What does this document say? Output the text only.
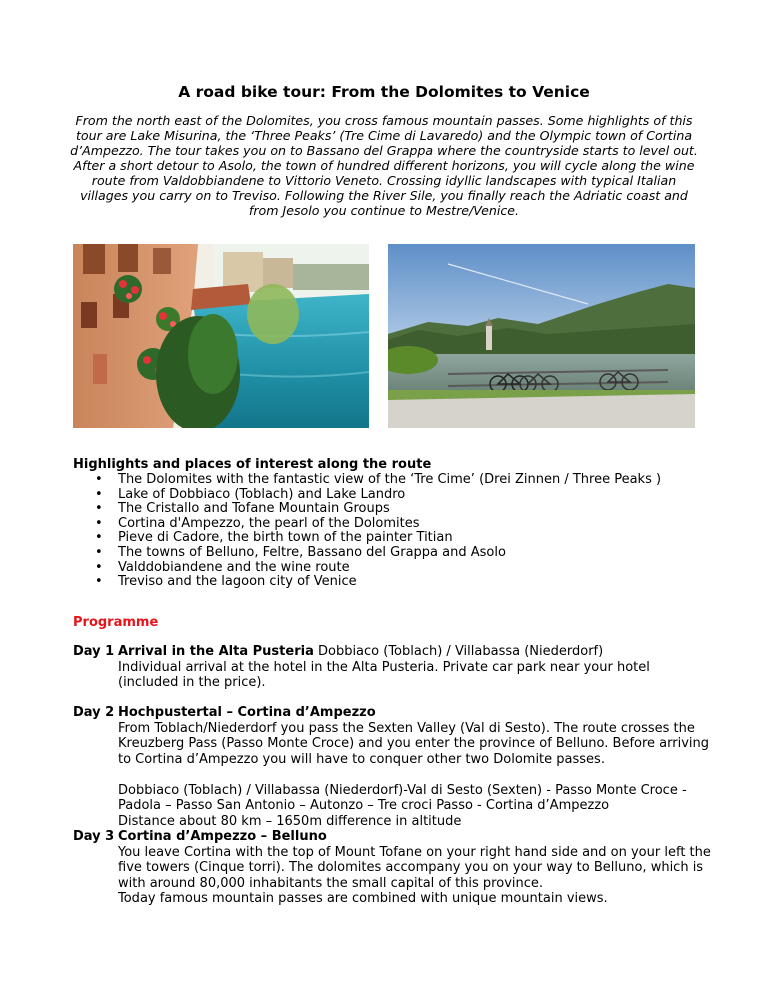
A road bike tour: From the Dolomites to Venice
From the north east of the Dolomites, you cross famous mountain passes. Some highlights of this tour are Lake Misurina, the ‘Three Peaks’ (Tre Cime di Lavaredo) and the Olympic town of Cortina d’Ampezzo. The tour takes you on to Bassano del Grappa where the countryside starts to level out. After a short detour to Asolo, the town of hundred different horizons, you will cycle along the wine route from Valdobbiandene to Vittorio Veneto. Crossing idyllic landscapes with typical Italian villages you carry on to Treviso. Following the River Sile, you finally reach the Adriatic coast and from Jesolo you continue to Mestre/Venice.
Highlights and places of interest along the route
• The Dolomites with the fantastic view of the ‘Tre Cime’ (Drei Zinnen / Three Peaks )
• Lake of Dobbiaco (Toblach) and Lake Landro
• The Cristallo and Tofane Mountain Groups
• Cortina d'Ampezzo, the pearl of the Dolomites
• Pieve di Cadore, the birth town of the painter Titian
• The towns of Belluno, Feltre, Bassano del Grappa and Asolo
• Valddobiandene and the wine route
• Treviso and the lagoon city of Venice
Programme
Day 1 Arrival in the Alta Pusteria Dobbiaco (Toblach) / Villabassa (Niederdorf)

Individual arrival at the hotel in the Alta Pusteria. Private car park near your hotel (included in the price).

Day 2 Hochpustertal – Cortina d’Ampezzo

From Toblach/Niederdorf you pass the Sexten Valley (Val di Sesto). The route crosses the Kreuzberg Pass (Passo Monte Croce) and you enter the province of Belluno. Before arriving to Cortina d’Ampezzo you will have to conquer other two Dolomite passes.

Dobbiaco (Toblach) / Villabassa (Niederdorf)-Val di Sesto (Sexten) - Passo Monte Croce - Padola – Passo San Antonio – Autonzo – Tre croci Passo - Cortina d’Ampezzo

Distance about 80 km – 1650m difference in altitude

Day 3 Cortina d’Ampezzo – Belluno

You leave Cortina with the top of Mount Tofane on your right hand side and on your left the five towers (Cinque torri). The dolomites accompany you on your way to Belluno, which is with around 80,000 inhabitants the small capital of this province.

Today famous mountain passes are combined with unique mountain views.
